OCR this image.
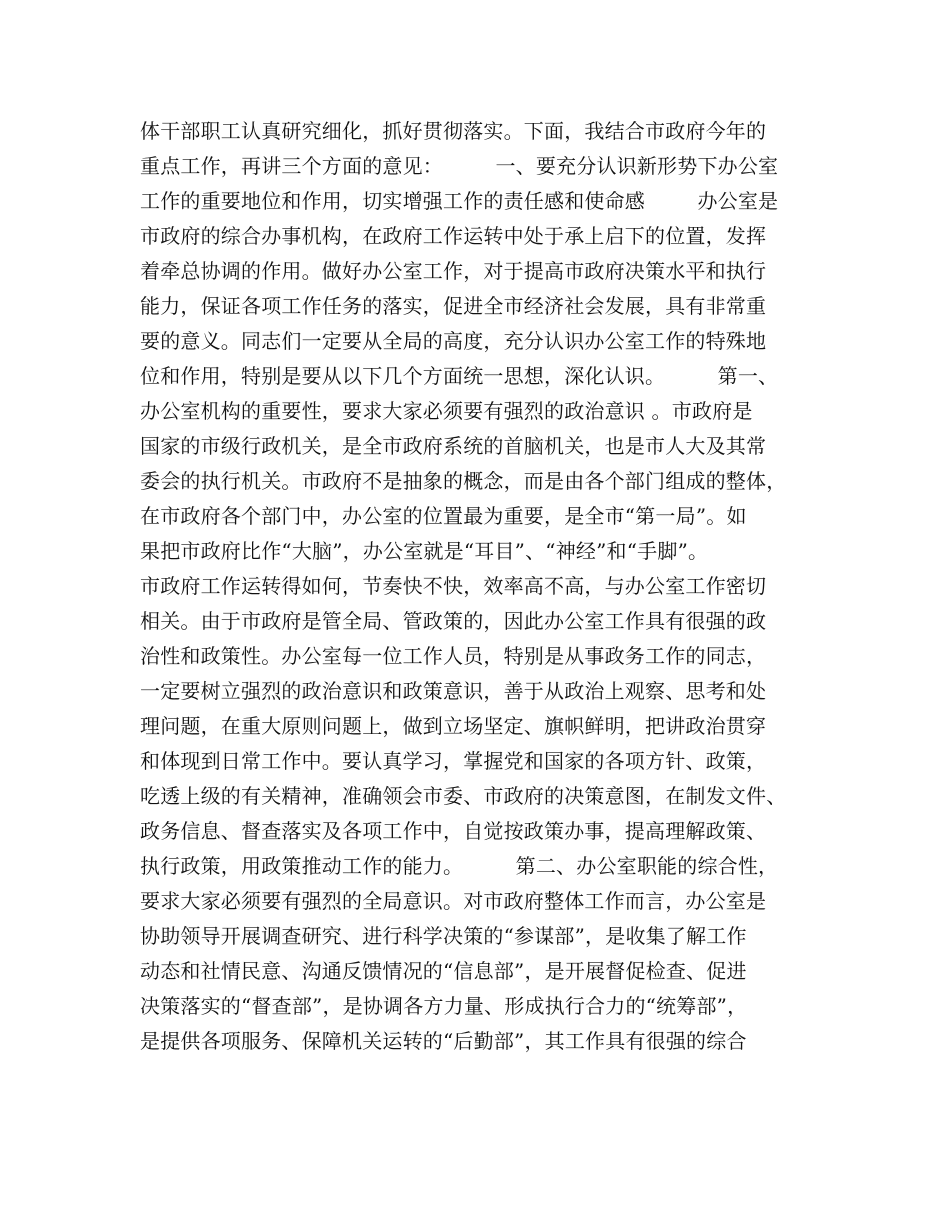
体干部职工认真研究细化，抓好贯彻落实。下面，我结合市政府今年的
重点工作，再讲三个方面的意见：        一、要充分认识新形势下办公室
工作的重要地位和作用，切实增强工作的责任感和使命感        办公室是
市政府的综合办事机构，在政府工作运转中处于承上启下的位置，发挥
着牵总协调的作用。做好办公室工作，对于提高市政府决策水平和执行
能力，保证各项工作任务的落实，促进全市经济社会发展，具有非常重
要的意义。同志们一定要从全局的高度，充分认识办公室工作的特殊地
位和作用，特别是要从以下几个方面统一思想，深化认识。        第一、
办公室机构的重要性，要求大家必须要有强烈的政治意识 。市政府是
国家的市级行政机关，是全市政府系统的首脑机关，也是市人大及其常
委会的执行机关。市政府不是抽象的概念，而是由各个部门组成的整体，
在市政府各个部门中，办公室的位置最为重要，是全市“第一局”。如
果把市政府比作“大脑”，办公室就是“耳目”、“神经”和“手脚”。
市政府工作运转得如何，节奏快不快，效率高不高，与办公室工作密切
相关。由于市政府是管全局、管政策的，因此办公室工作具有很强的政
治性和政策性。办公室每一位工作人员，特别是从事政务工作的同志，
一定要树立强烈的政治意识和政策意识，善于从政治上观察、思考和处
理问题，在重大原则问题上，做到立场坚定、旗帜鲜明，把讲政治贯穿
和体现到日常工作中。要认真学习，掌握党和国家的各项方针、政策，
吃透上级的有关精神，准确领会市委、市政府的决策意图，在制发文件、
政务信息、督查落实及各项工作中，自觉按政策办事，提高理解政策、
执行政策，用政策推动工作的能力。        第二、办公室职能的综合性，
要求大家必须要有强烈的全局意识。对市政府整体工作而言，办公室是
协助领导开展调查研究、进行科学决策的“参谋部”，是收集了解工作
动态和社情民意、沟通反馈情况的“信息部”，是开展督促检查、促进
决策落实的“督查部”，是协调各方力量、形成执行合力的“统筹部”，
是提供各项服务、保障机关运转的“后勤部”，其工作具有很强的综合
